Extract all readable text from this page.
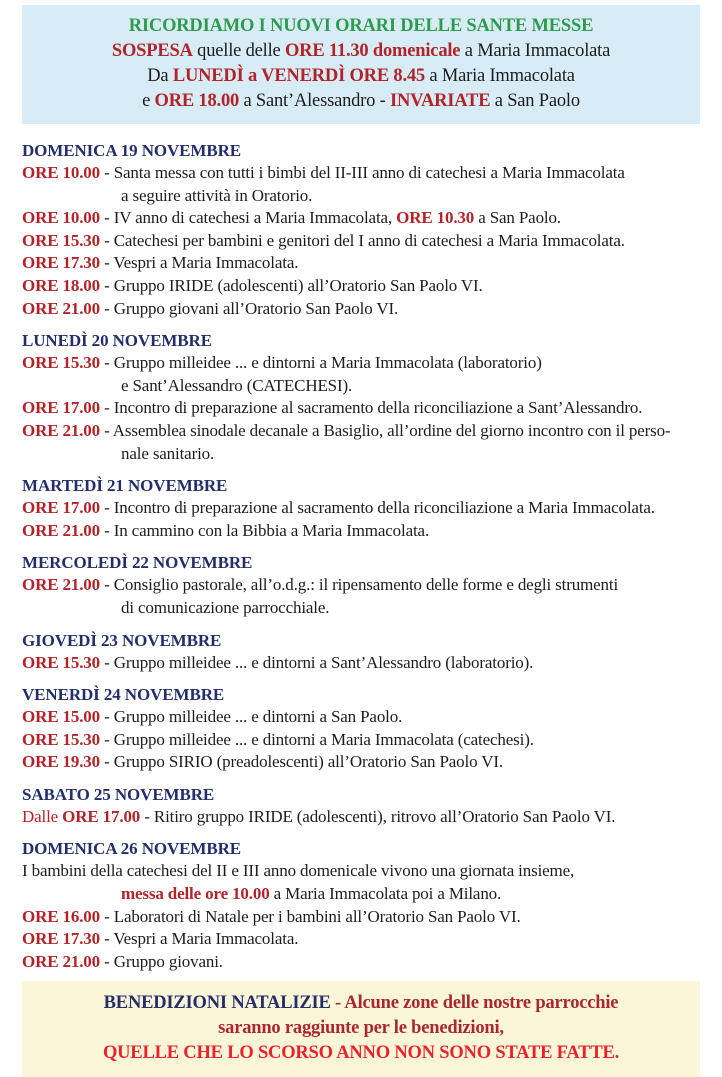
RICORDIAMO I NUOVI ORARI DELLE SANTE MESSE
SOSPESA quelle delle ORE 11.30 domenicale a Maria Immacolata
Da LUNEDÌ a VENERDÌ ORE 8.45 a Maria Immacolata
e ORE 18.00 a Sant’Alessandro - INVARIATE a San Paolo
DOMENICA 19 NOVEMBRE
ORE 10.00 - Santa messa con tutti i bimbi del II-III anno di catechesi a Maria Immacolata
a seguire attività in Oratorio.
ORE 10.00 - IV anno di catechesi a Maria Immacolata, ORE 10.30 a San Paolo.
ORE 15.30 - Catechesi per bambini e genitori del I anno di catechesi a Maria Immacolata.
ORE 17.30 - Vespri a Maria Immacolata.
ORE 18.00 - Gruppo IRIDE (adolescenti) all’Oratorio San Paolo VI.
ORE 21.00 - Gruppo giovani all’Oratorio San Paolo VI.
LUNEDÌ 20 NOVEMBRE
ORE 15.30 - Gruppo milleidee ... e dintorni a Maria Immacolata (laboratorio)
e Sant’Alessandro (CATECHESI).
ORE 17.00 - Incontro di preparazione al sacramento della riconciliazione a Sant’Alessandro.
ORE 21.00 - Assemblea sinodale decanale a Basiglio, all’ordine del giorno incontro con il perso-
nale sanitario.
MARTEDÌ 21 NOVEMBRE
ORE 17.00 - Incontro di preparazione al sacramento della riconciliazione a Maria Immacolata.
ORE 21.00 - In cammino con la Bibbia a Maria Immacolata.
MERCOLEDÌ 22 NOVEMBRE
ORE 21.00 - Consiglio pastorale, all’o.d.g.: il ripensamento delle forme e degli strumenti
di comunicazione parrocchiale.
GIOVEDÌ 23 NOVEMBRE
ORE 15.30 - Gruppo milleidee ... e dintorni a Sant’Alessandro (laboratorio).
VENERDÌ 24 NOVEMBRE
ORE 15.00 - Gruppo milleidee ... e dintorni a San Paolo.
ORE 15.30 - Gruppo milleidee ... e dintorni a Maria Immacolata (catechesi).
ORE 19.30 - Gruppo SIRIO (preadolescenti) all’Oratorio San Paolo VI.
SABATO 25 NOVEMBRE
Dalle ORE 17.00 - Ritiro gruppo IRIDE (adolescenti), ritrovo all’Oratorio San Paolo VI.
DOMENICA 26 NOVEMBRE
I bambini della catechesi del II e III anno domenicale vivono una giornata insieme,
messa delle ore 10.00 a Maria Immacolata poi a Milano.
ORE 16.00 - Laboratori di Natale per i bambini all’Oratorio San Paolo VI.
ORE 17.30 - Vespri a Maria Immacolata.
ORE 21.00 - Gruppo giovani.
BENEDIZIONI NATALIZIE - Alcune zone delle nostre parrocchie
saranno raggiunte per le benedizioni,
QUELLE CHE LO SCORSO ANNO NON SONO STATE FATTE.
